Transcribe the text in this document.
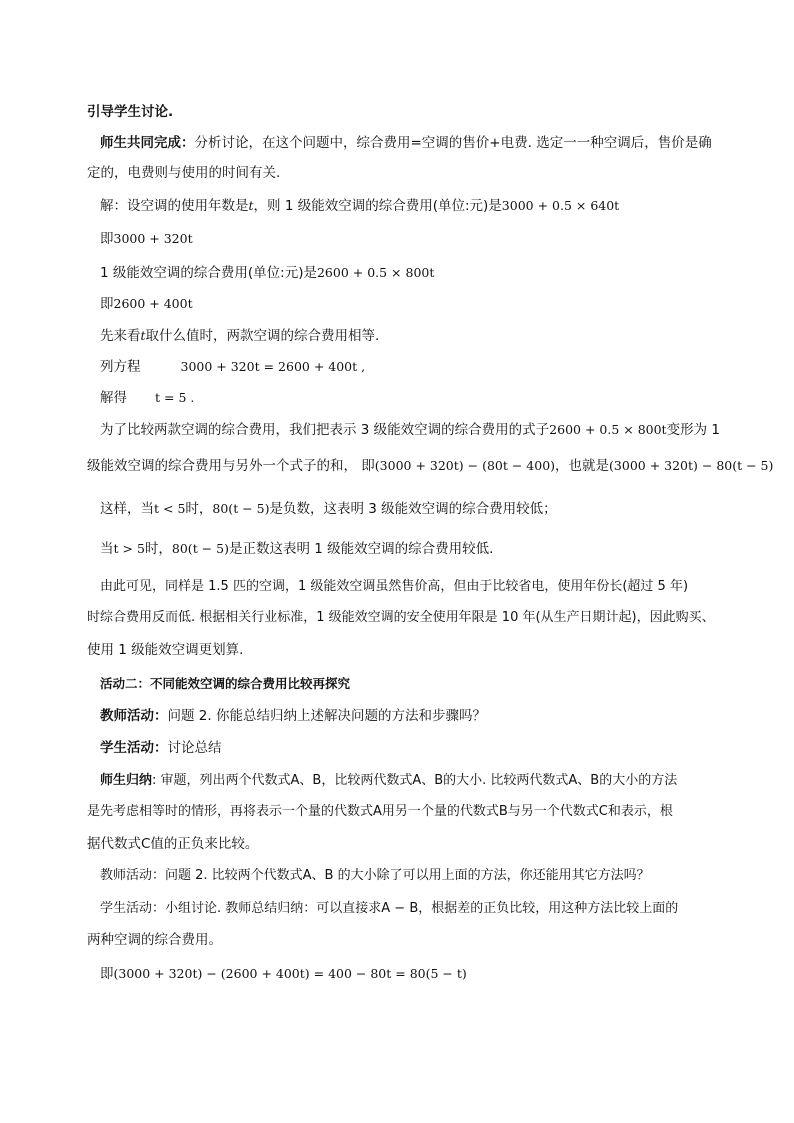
引导学生讨论.
师生共同完成：分析讨论，在这个问题中，综合费用=空调的售价+电费. 选定一一种空调后，售价是确
定的，电费则与使用的时间有关.
解：设空调的使用年数是t，则 1 级能效空调的综合费用(单位:元)是3000 + 0.5 × 640t
即3000 + 320t
1 级能效空调的综合费用(单位:元)是2600 + 0.5 × 800t
即2600 + 400t
先来看t取什么值时，两款空调的综合费用相等.
列方程	3000 + 320t = 2600 + 400t ,
解得 t = 5 .
为了比较两款空调的综合费用，我们把表示 3 级能效空调的综合费用的式子2600 + 0.5 × 800t变形为 1
级能效空调的综合费用与另外一个式子的和， 即(3000 + 320t) − (80t − 400)，也就是(3000 + 320t) − 80(t − 5)
这样，当t < 5时，80(t − 5)是负数，这表明 3 级能效空调的综合费用较低；
当t > 5时，80(t − 5)是正数这表明 1 级能效空调的综合费用较低.
由此可见，同样是 1.5 匹的空调，1 级能效空调虽然售价高，但由于比较省电，使用年份长(超过 5 年)
时综合费用反而低. 根据相关行业标准，1 级能效空调的安全使用年限是 10 年(从生产日期计起)，因此购买、
使用 1 级能效空调更划算.
活动二：不同能效空调的综合费用比较再探究
教师活动：问题 2. 你能总结归纳上述解决问题的方法和步骤吗？
学生活动：讨论总结
师生归纳: 审题，列出两个代数式A、B，比较两代数式A、B的大小. 比较两代数式A、B的大小的方法
是先考虑相等时的情形，再将表示一个量的代数式A用另一个量的代数式B与另一个代数式C和表示，根
据代数式C值的正负来比较。
教师活动：问题 2. 比较两个代数式A、B 的大小除了可以用上面的方法，你还能用其它方法吗？
学生活动：小组讨论. 教师总结归纳：可以直接求A − B，根据差的正负比较，用这种方法比较上面的
两种空调的综合费用。
即(3000 + 320t) − (2600 + 400t) = 400 − 80t = 80(5 − t)
